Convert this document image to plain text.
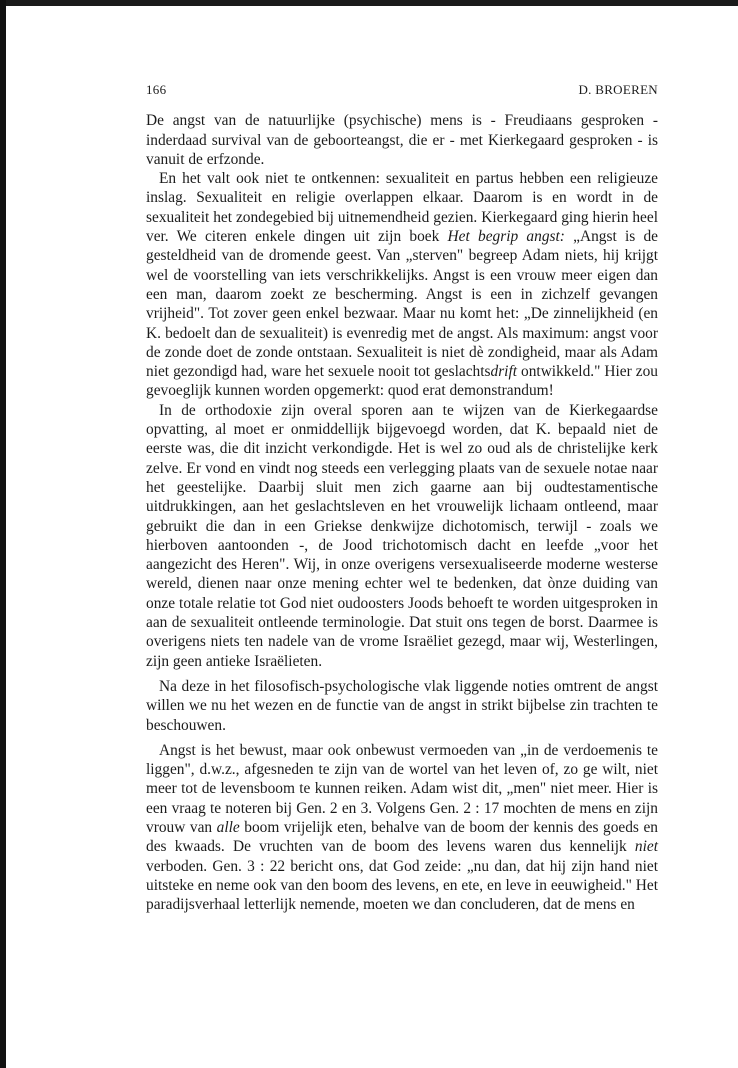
166	D. BROEREN

De angst van de natuurlijke (psychische) mens is - Freudiaans gesproken - inderdaad survival van de geboorteangst, die er - met Kierkegaard gesproken - is vanuit de erfzonde.

En het valt ook niet te ontkennen: sexualiteit en partus hebben een religieuze inslag. Sexualiteit en religie overlappen elkaar. Daarom is en wordt in de sexualiteit het zondegebied bij uitnemendheid gezien. Kierkegaard ging hierin heel ver. We citeren enkele dingen uit zijn boek Het begrip angst: „Angst is de gesteldheid van de dromende geest. Van „sterven" begreep Adam niets, hij krijgt wel de voorstelling van iets verschrikkelijks. Angst is een vrouw meer eigen dan een man, daarom zoekt ze bescherming. Angst is een in zichzelf gevangen vrijheid". Tot zover geen enkel bezwaar. Maar nu komt het: „De zinnelijkheid (en K. bedoelt dan de sexualiteit) is evenredig met de angst. Als maximum: angst voor de zonde doet de zonde ontstaan. Sexualiteit is niet dè zondigheid, maar als Adam niet gezondigd had, ware het sexuele nooit tot geslachtsdrift ontwikkeld." Hier zou gevoeglijk kunnen worden opgemerkt: quod erat demonstrandum!

In de orthodoxie zijn overal sporen aan te wijzen van de Kierkegaardse opvatting, al moet er onmiddellijk bijgevoegd worden, dat K. bepaald niet de eerste was, die dit inzicht verkondigde. Het is wel zo oud als de christelijke kerk zelve. Er vond en vindt nog steeds een verlegging plaats van de sexuele notae naar het geestelijke. Daarbij sluit men zich gaarne aan bij oudtestamentische uitdrukkingen, aan het geslachtsleven en het vrouwelijk lichaam ontleend, maar gebruikt die dan in een Griekse denkwijze dichotomisch, terwijl - zoals we hierboven aantoonden -, de Jood trichotomisch dacht en leefde „voor het aangezicht des Heren". Wij, in onze overigens versexualiseerde moderne westerse wereld, dienen naar onze mening echter wel te bedenken, dat ònze duiding van onze totale relatie tot God niet oudoosters Joods behoeft te worden uitgesproken in aan de sexualiteit ontleende terminologie. Dat stuit ons tegen de borst. Daarmee is overigens niets ten nadele van de vrome Israëliet gezegd, maar wij, Westerlingen, zijn geen antieke Israëlieten.

Na deze in het filosofisch-psychologische vlak liggende noties omtrent de angst willen we nu het wezen en de functie van de angst in strikt bijbelse zin trachten te beschouwen.

Angst is het bewust, maar ook onbewust vermoeden van „in de verdoemenis te liggen", d.w.z., afgesneden te zijn van de wortel van het leven of, zo ge wilt, niet meer tot de levensboom te kunnen reiken. Adam wist dit, „men" niet meer. Hier is een vraag te noteren bij Gen. 2 en 3. Volgens Gen. 2 : 17 mochten de mens en zijn vrouw van alle boom vrijelijk eten, behalve van de boom der kennis des goeds en des kwaads. De vruchten van de boom des levens waren dus kennelijk niet verboden. Gen. 3 : 22 bericht ons, dat God zeide: „nu dan, dat hij zijn hand niet uitsteke en neme ook van den boom des levens, en ete, en leve in eeuwigheid." Het paradijsverhaal letterlijk nemende, moeten we dan concluderen, dat de mens en
